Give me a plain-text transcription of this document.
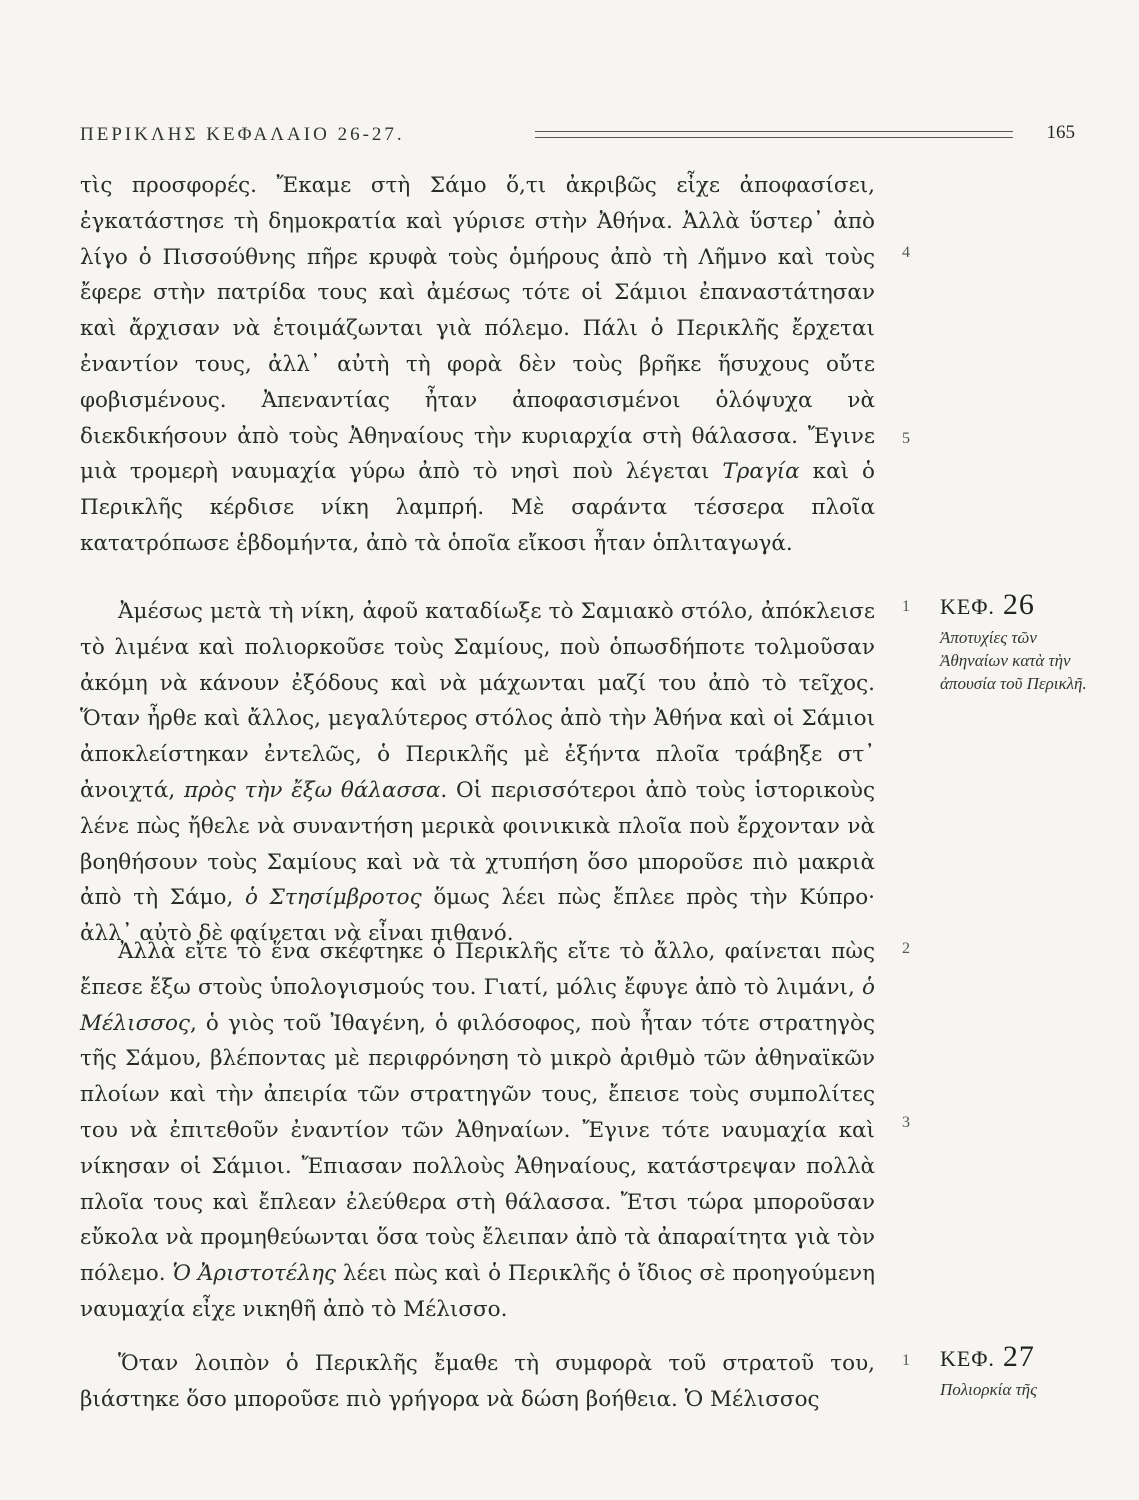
ΠΕΡΙΚΛΗΣ ΚΕΦΑΛΑΙΟ 26-27.	165

τὶς προσφορές. Ἔκαμε στὴ Σάμο ὅ,τι ἀκριβῶς εἶχε ἀποφασίσει, ἐγκατάστησε τὴ δημοκρατία καὶ γύρισε στὴν Ἀθήνα. Ἀλλὰ ὕστερ᾽ ἀπὸ λίγο ὁ Πισσούθνης πῆρε κρυφὰ τοὺς ὁμήρους ἀπὸ τὴ Λῆμνο καὶ τοὺς ἔφερε στὴν πατρίδα τους καὶ ἀμέσως τότε οἱ Σάμιοι ἐπαναστάτησαν καὶ ἄρχισαν νὰ ἑτοιμάζωνται γιὰ πόλεμο. Πάλι ὁ Περικλῆς ἔρχεται ἐναντίον τους, ἀλλ᾽ αὐτὴ τὴ φορὰ δὲν τοὺς βρῆκε ἥσυχους οὔτε φοβισμένους. Ἀπεναντίας ἦταν ἀποφασισμένοι ὁλόψυχα νὰ διεκδικήσουν ἀπὸ τοὺς Ἀθηναίους τὴν κυριαρχία στὴ θάλασσα. Ἔγινε μιὰ τρομερὴ ναυμαχία γύρω ἀπὸ τὸ νησὶ ποὺ λέγεται Τραγία καὶ ὁ Περικλῆς κέρδισε νίκη λαμπρή. Μὲ σαράντα τέσσερα πλοῖα κατατρόπωσε ἑβδομήντα, ἀπὸ τὰ ὁποῖα εἴκοσι ἦταν ὁπλιταγωγά.

Ἀμέσως μετὰ τὴ νίκη, ἀφοῦ καταδίωξε τὸ Σαμιακὸ στόλο, ἀπόκλεισε τὸ λιμένα καὶ πολιορκοῦσε τοὺς Σαμίους, ποὺ ὁπωσδήποτε τολμοῦσαν ἀκόμη νὰ κάνουν ἐξόδους καὶ νὰ μάχωνται μαζί του ἀπὸ τὸ τεῖχος. Ὅταν ἦρθε καὶ ἄλλος, μεγαλύτερος στόλος ἀπὸ τὴν Ἀθήνα καὶ οἱ Σάμιοι ἀποκλείστηκαν ἐντελῶς, ὁ Περικλῆς μὲ ἑξήντα πλοῖα τράβηξε στ᾽ ἀνοιχτά, πρὸς τὴν ἔξω θάλασσα. Οἱ περισσότεροι ἀπὸ τοὺς ἱστορικοὺς λένε πὼς ἤθελε νὰ συναντήση μερικὰ φοινικικὰ πλοῖα ποὺ ἔρχονταν νὰ βοηθήσουν τοὺς Σαμίους καὶ νὰ τὰ χτυπήση ὅσο μποροῦσε πιὸ μακριὰ ἀπὸ τὴ Σάμο, ὁ Στησίμβροτος ὅμως λέει πὼς ἔπλεε πρὸς τὴν Κύπρο· ἀλλ᾽ αὐτὸ δὲ φαίνεται νὰ εἶναι πιθανό.

Ἀλλὰ εἴτε τὸ ἕνα σκέφτηκε ὁ Περικλῆς εἴτε τὸ ἄλλο, φαίνεται πὼς ἔπεσε ἔξω στοὺς ὑπολογισμούς του. Γιατί, μόλις ἔφυγε ἀπὸ τὸ λιμάνι, ὁ Μέλισσος, ὁ γιὸς τοῦ Ἰθαγένη, ὁ φιλόσοφος, ποὺ ἦταν τότε στρατηγὸς τῆς Σάμου, βλέποντας μὲ περιφρόνηση τὸ μικρὸ ἀριθμὸ τῶν ἀθηναϊκῶν πλοίων καὶ τὴν ἀπειρία τῶν στρατηγῶν τους, ἔπεισε τοὺς συμπολίτες του νὰ ἐπιτεθοῦν ἐναντίον τῶν Ἀθηναίων. Ἔγινε τότε ναυμαχία καὶ νίκησαν οἱ Σάμιοι. Ἔπιασαν πολλοὺς Ἀθηναίους, κατάστρεψαν πολλὰ πλοῖα τους καὶ ἔπλεαν ἐλεύθερα στὴ θάλασσα. Ἔτσι τώρα μποροῦσαν εὔκολα νὰ προμηθεύωνται ὅσα τοὺς ἔλειπαν ἀπὸ τὰ ἀπαραίτητα γιὰ τὸν πόλεμο. Ὁ Ἀριστοτέλης λέει πὼς καὶ ὁ Περικλῆς ὁ ἴδιος σὲ προηγούμενη ναυμαχία εἶχε νικηθῆ ἀπὸ τὸ Μέλισσο.

Ὅταν λοιπὸν ὁ Περικλῆς ἔμαθε τὴ συμφορὰ τοῦ στρατοῦ του, βιάστηκε ὅσο μποροῦσε πιὸ γρήγορα νὰ δώση βοήθεια. Ὁ Μέλισσος

4
5
1
2
3
1
ΚΕΦ. 26
Ἀποτυχίες τῶν Ἀθηναίων κατὰ τὴν ἀπουσία τοῦ Περικλῆ.
ΚΕΦ. 27
Πολιορκία τῆς
